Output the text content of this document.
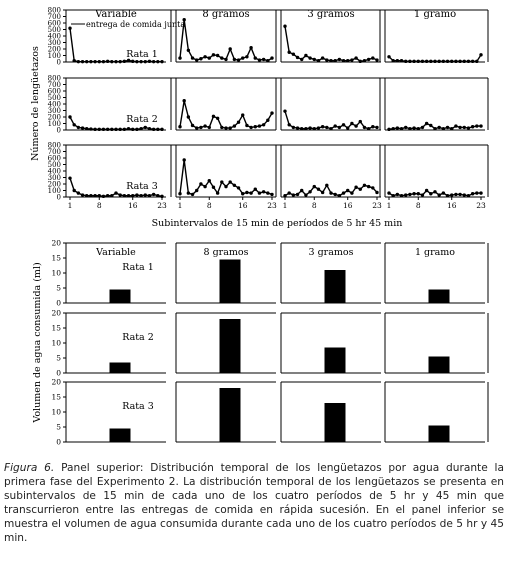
Variable	8 gramos	3 gramos	1 gramo
Rata 1
Rata 2
Rata 3
0
100
200
300
400
500
600
700
800
0
100
200
300
400
500
600
700
800
0
100
200
300
400
500
600
700
800
1	8	16	23 1	8	16	23 1	8	16	23 1	8	16	23
entrega de comida junta
Número de lengüetazos
Subintervalos de 15 min de períodos de 5 hr 45 min
Variable	8 gramos	3 gramos	1 gramo
Rata 1
0
5
10
15
20
Rata 2
0
5
10
15
20
Rata 3
0
5
10
15
20
Volumen de agua consumida (ml)
Figura 6. Panel superior: Distribución temporal de los lengüetazos por agua durante la primera fase del Experimento 2. La distribución temporal de los lengüetazos se presenta en subintervalos de 15 min de cada uno de los cuatro períodos de 5 hr y 45 min que transcurrieron entre las entregas de comida en rápida sucesión. En el panel inferior se muestra el volumen de agua consumida durante cada uno de los cuatro períodos de 5 hr y 45 min.
